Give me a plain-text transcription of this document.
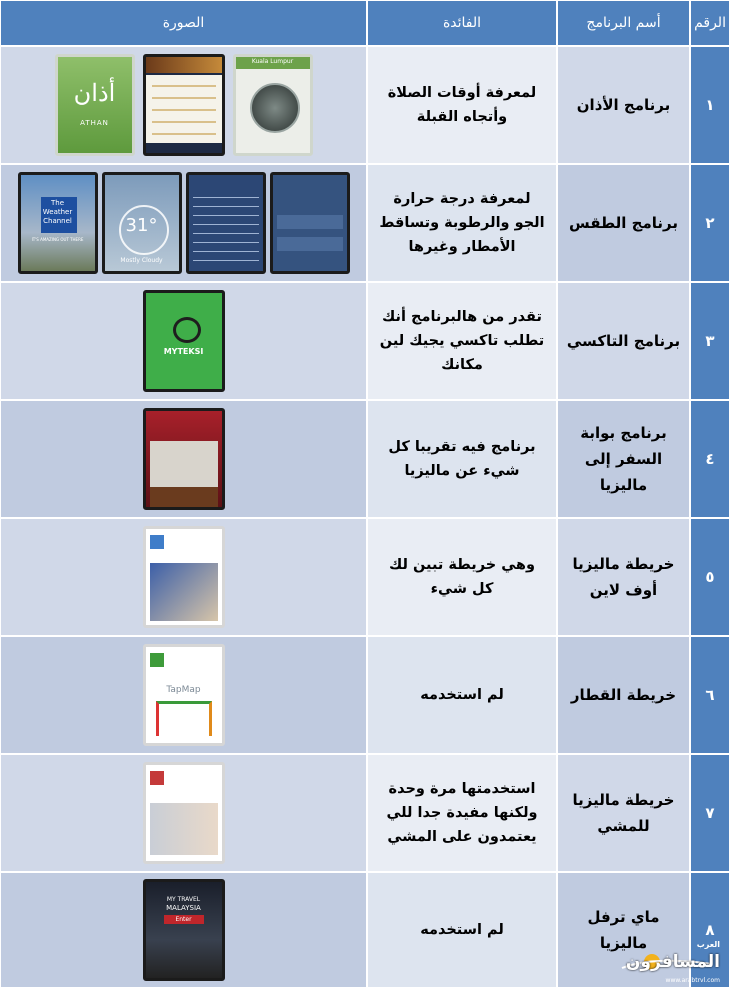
الرقم
أسم البرنامج
الفائدة
الصورة
١
برنامج الأذان
لمعرفة أوقات الصلاة وأتجاه القبلة
أذان
ATHAN
Kuala Lumpur
٢
برنامج الطقس
لمعرفة درجة حرارة الجو والرطوبة وتساقط الأمطار وغيرها
The
Weather
Channel
IT'S AMAZING OUT THERE
31°
Mostly Cloudy
٣
برنامج التاكسي
تقدر من هالبرنامج أنك تطلب تاكسي يجيك لين مكانك
MYTEKSI
٤
برنامج بوابة السفر إلى ماليزيا
برنامج فيه تقريبا كل شيء عن ماليزيا
٥
خريطة ماليزيا أوف لاين
وهي خريطة تبين لك كل شيء
٦
خريطة القطار
لم استخدمه
TapMap
٧
خريطة ماليزيا للمشي
استخدمتها مرة وحدة ولكنها مفيدة جدا للي يعتمدون على المشي
٨
ماي ترفل ماليزيا
لم استخدمه
MY TRAVEL
MALAYSIA
Enter
العرب
المسافرون
www.arabtrvl.com
